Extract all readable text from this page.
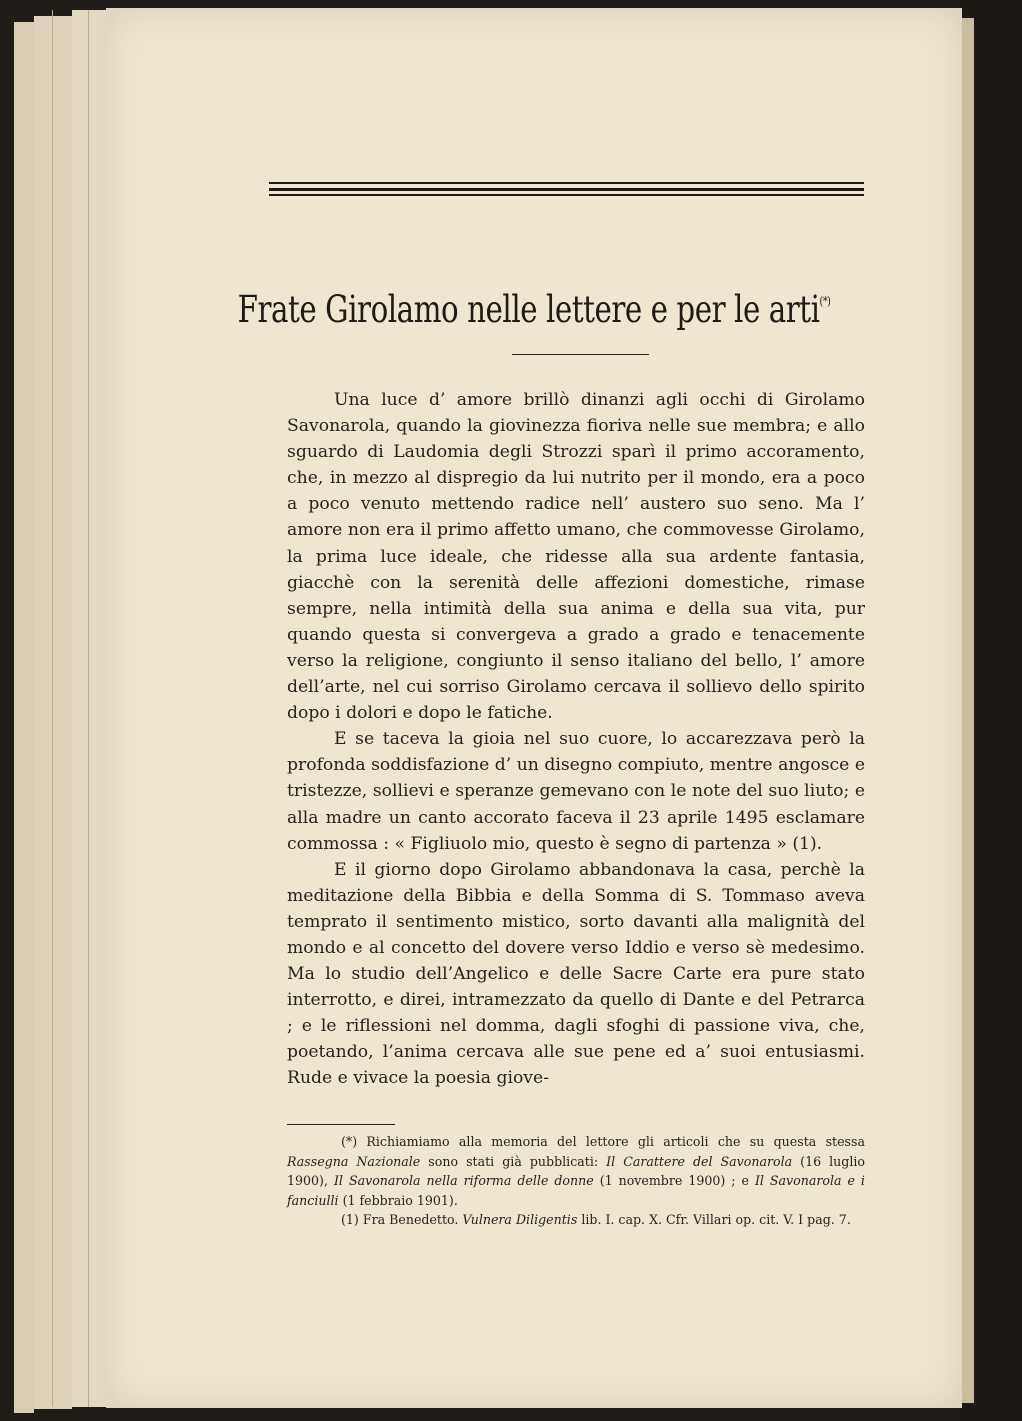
Frate Girolamo nelle lettere e per le arti(*)

Una luce d’ amore brillò dinanzi agli occhi di Girolamo Savonarola, quando la giovinezza fioriva nelle sue membra; e allo sguardo di Laudomia degli Strozzi sparì il primo accoramento, che, in mezzo al dispregio da lui nutrito per il mondo, era a poco a poco venuto mettendo radice nell’ austero suo seno. Ma l’ amore non era il primo affetto umano, che commovesse Girolamo, la prima luce ideale, che ridesse alla sua ardente fantasia, giacchè con la serenità delle affezioni domestiche, rimase sempre, nella intimità della sua anima e della sua vita, pur quando questa si convergeva a grado a grado e tenacemente verso la religione, congiunto il senso italiano del bello, l’ amore dell’arte, nel cui sorriso Girolamo cercava il sollievo dello spirito dopo i dolori e dopo le fatiche.

E se taceva la gioia nel suo cuore, lo accarezzava però la profonda soddisfazione d’ un disegno compiuto, mentre angosce e tristezze, sollievi e speranze gemevano con le note del suo liuto; e alla madre un canto accorato faceva il 23 aprile 1495 esclamare commossa : « Figliuolo mio, questo è segno di partenza » (1).

E il giorno dopo Girolamo abbandonava la casa, perchè la meditazione della Bibbia e della Somma di S. Tommaso aveva temprato il sentimento mistico, sorto davanti alla malignità del mondo e al concetto del dovere verso Iddio e verso sè medesimo. Ma lo studio dell’Angelico e delle Sacre Carte era pure stato interrotto, e direi, intramezzato da quello di Dante e del Petrarca ; e le riflessioni nel domma, dagli sfoghi di passione viva, che, poetando, l’anima cercava alle sue pene ed a’ suoi entusiasmi. Rude e vivace la poesia giove-

(*) Richiamiamo alla memoria del lettore gli articoli che su questa stessa Rassegna Nazionale sono stati già pubblicati: Il Carattere del Savonarola (16 luglio 1900), Il Savonarola nella riforma delle donne (1 novembre 1900) ; e Il Savonarola e i fanciulli (1 febbraio 1901).

(1) Fra Benedetto. Vulnera Diligentis lib. I. cap. X. Cfr. Villari op. cit. V. I pag. 7.
